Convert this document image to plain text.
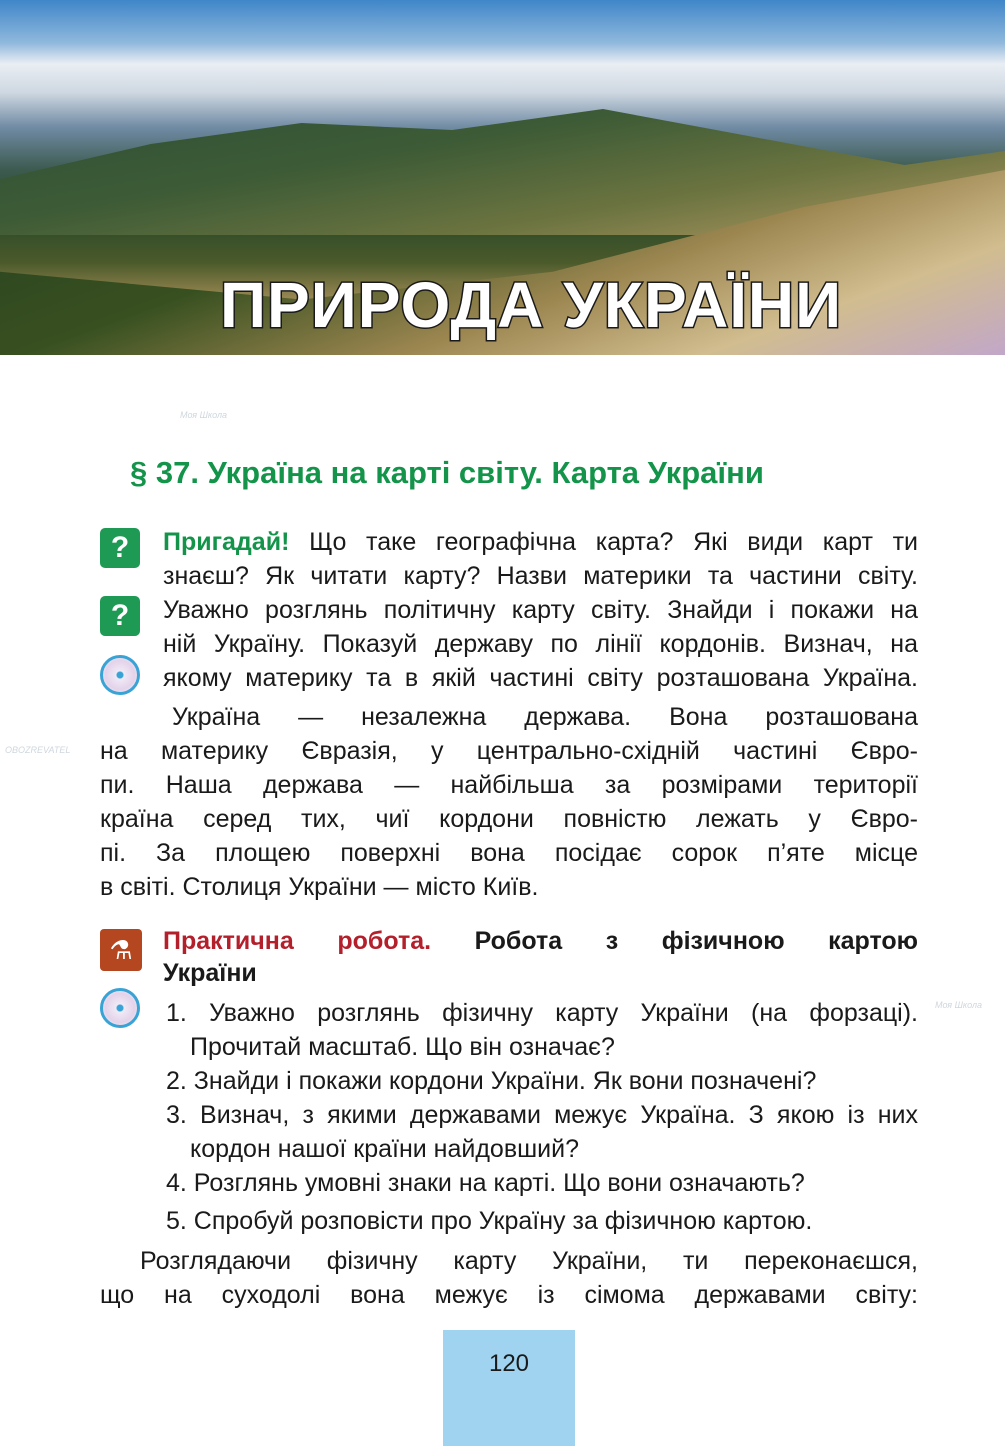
ПРИРОДА УКРАЇНИ
Моя Школа
OBOZREVATEL
Моя Школа
§ 37. Україна на карті світу. Карта України
?	Пригадай! Що таке географічна карта? Які види карт ти
знаєш? Як читати карту? Назви материки та частини світу.
?	Уважно розглянь політичну карту світу. Знайди і покажи на
ній Україну. Показуй державу по лінії кордонів. Визнач, на
якому материку та в якій частині світу розташована Україна.
Україна — незалежна держава. Вона розташована
на материку Євразія, у центрально-східній частині Євро-
пи. Наша держава — найбільша за розмірами території
країна серед тих, чиї кордони повністю лежать у Євро-
пі. За площею поверхні вона посідає сорок п’яте місце
в світі. Столиця України — місто Київ.
⚗	Практична робота. Робота з фізичною картою
України
1. Уважно розглянь фізичну карту України (на форзаці).
Прочитай масштаб. Що він означає?
2. Знайди і покажи кордони України. Як вони позначені?
3. Визнач, з якими державами межує Україна. З якою із них
кордон нашої країни найдовший?
4. Розглянь умовні знаки на карті. Що вони означають?
5. Спробуй розповісти про Україну за фізичною картою.
Розглядаючи фізичну карту України, ти переконаєшся,
що на суходолі вона межує із сімома державами світу:
120
